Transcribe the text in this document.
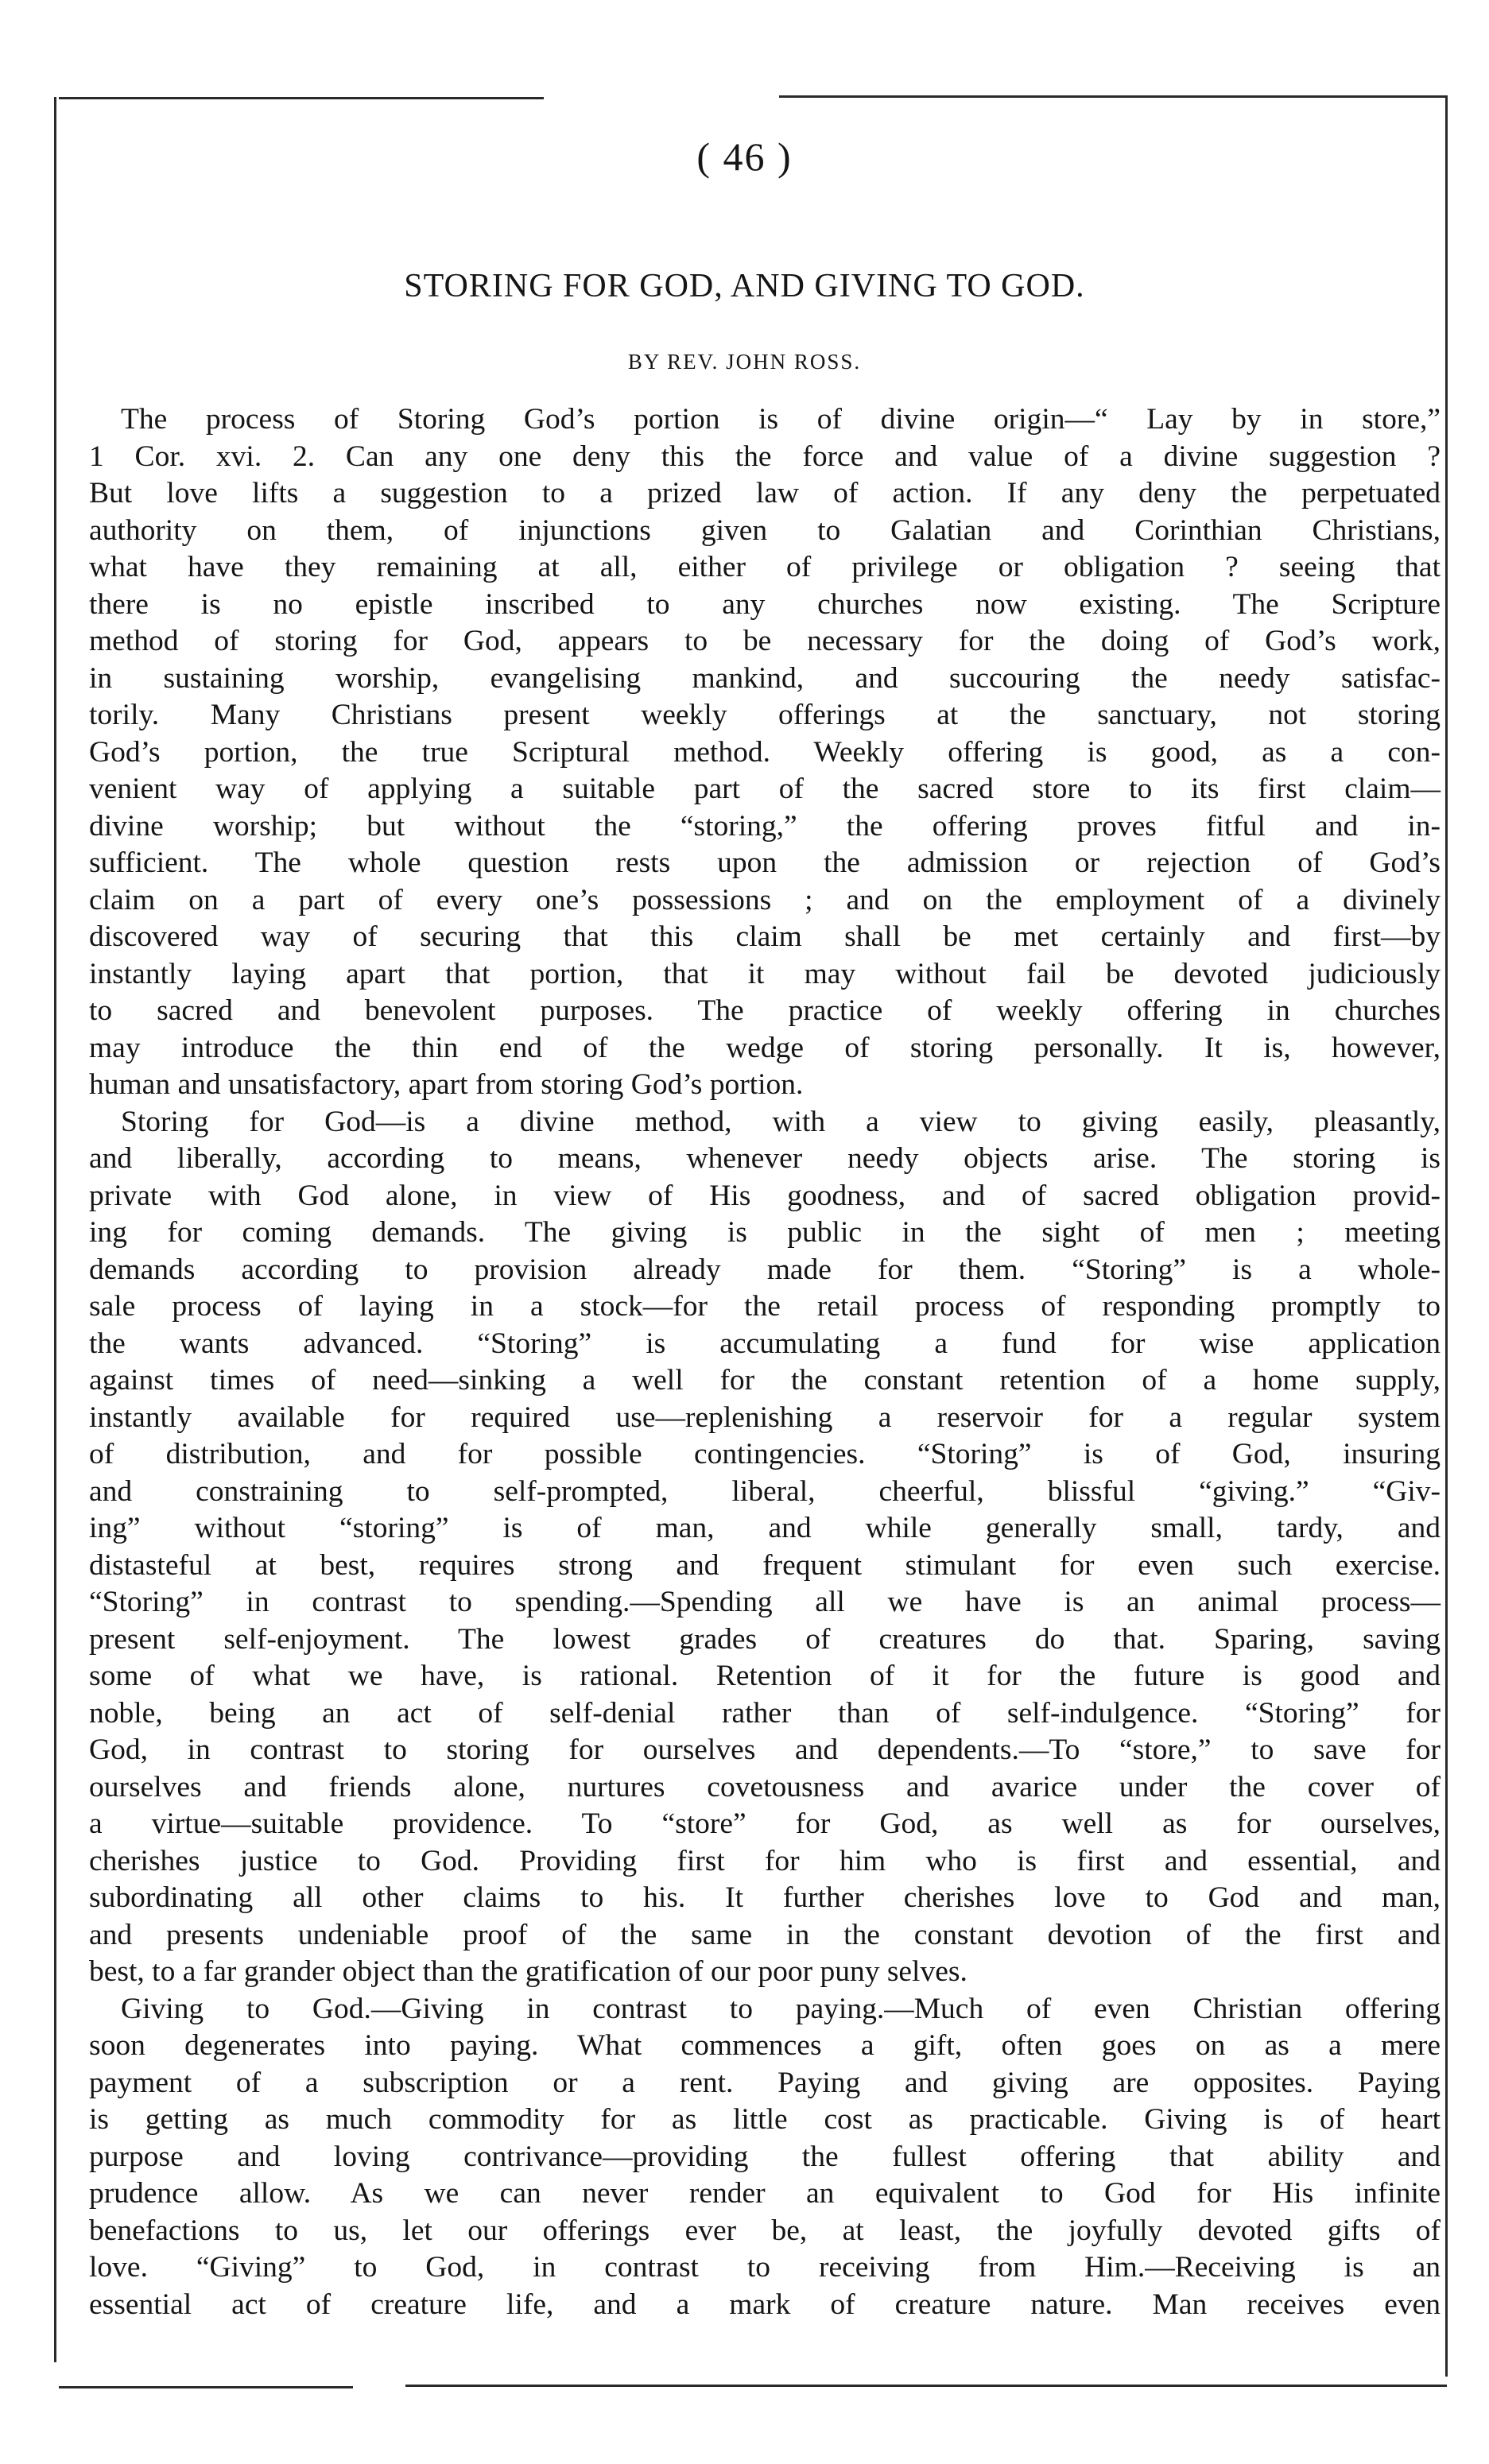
( 46 )
STORING FOR GOD, AND GIVING TO GOD.
BY REV. JOHN ROSS.
The process of Storing God’s portion is of divine origin—“ Lay by in store,”
1 Cor. xvi. 2. Can any one deny this the force and value of a divine suggestion ?
But love lifts a suggestion to a prized law of action. If any deny the perpetuated
authority on them, of injunctions given to Galatian and Corinthian Christians,
what have they remaining at all, either of privilege or obligation ? seeing that
there is no epistle inscribed to any churches now existing. The Scripture
method of storing for God, appears to be necessary for the doing of God’s work,
in sustaining worship, evangelising mankind, and succouring the needy satisfac-
torily. Many Christians present weekly offerings at the sanctuary, not storing
God’s portion, the true Scriptural method. Weekly offering is good, as a con-
venient way of applying a suitable part of the sacred store to its first claim—
divine worship; but without the “storing,” the offering proves fitful and in-
sufficient. The whole question rests upon the admission or rejection of God’s
claim on a part of every one’s possessions ; and on the employment of a divinely
discovered way of securing that this claim shall be met certainly and first—by
instantly laying apart that portion, that it may without fail be devoted judiciously
to sacred and benevolent purposes. The practice of weekly offering in churches
may introduce the thin end of the wedge of storing personally. It is, however,
human and unsatisfactory, apart from storing God’s portion.
Storing for God—is a divine method, with a view to giving easily, pleasantly,
and liberally, according to means, whenever needy objects arise. The storing is
private with God alone, in view of His goodness, and of sacred obligation provid-
ing for coming demands. The giving is public in the sight of men ; meeting
demands according to provision already made for them. “Storing” is a whole-
sale process of laying in a stock—for the retail process of responding promptly to
the wants advanced. “Storing” is accumulating a fund for wise application
against times of need—sinking a well for the constant retention of a home supply,
instantly available for required use—replenishing a reservoir for a regular system
of distribution, and for possible contingencies. “Storing” is of God, insuring
and constraining to self-prompted, liberal, cheerful, blissful “giving.” “Giv-
ing” without “storing” is of man, and while generally small, tardy, and
distasteful at best, requires strong and frequent stimulant for even such exercise.
“Storing” in contrast to spending.—Spending all we have is an animal process—
present self-enjoyment. The lowest grades of creatures do that. Sparing, saving
some of what we have, is rational. Retention of it for the future is good and
noble, being an act of self-denial rather than of self-indulgence. “Storing” for
God, in contrast to storing for ourselves and dependents.—To “store,” to save for
ourselves and friends alone, nurtures covetousness and avarice under the cover of
a virtue—suitable providence. To “store” for God, as well as for ourselves,
cherishes justice to God. Providing first for him who is first and essential, and
subordinating all other claims to his. It further cherishes love to God and man,
and presents undeniable proof of the same in the constant devotion of the first and
best, to a far grander object than the gratification of our poor puny selves.
Giving to God.—Giving in contrast to paying.—Much of even Christian offering
soon degenerates into paying. What commences a gift, often goes on as a mere
payment of a subscription or a rent. Paying and giving are opposites. Paying
is getting as much commodity for as little cost as practicable. Giving is of heart
purpose and loving contrivance—providing the fullest offering that ability and
prudence allow. As we can never render an equivalent to God for His infinite
benefactions to us, let our offerings ever be, at least, the joyfully devoted gifts of
love. “Giving” to God, in contrast to receiving from Him.—Receiving is an
essential act of creature life, and a mark of creature nature. Man receives even
